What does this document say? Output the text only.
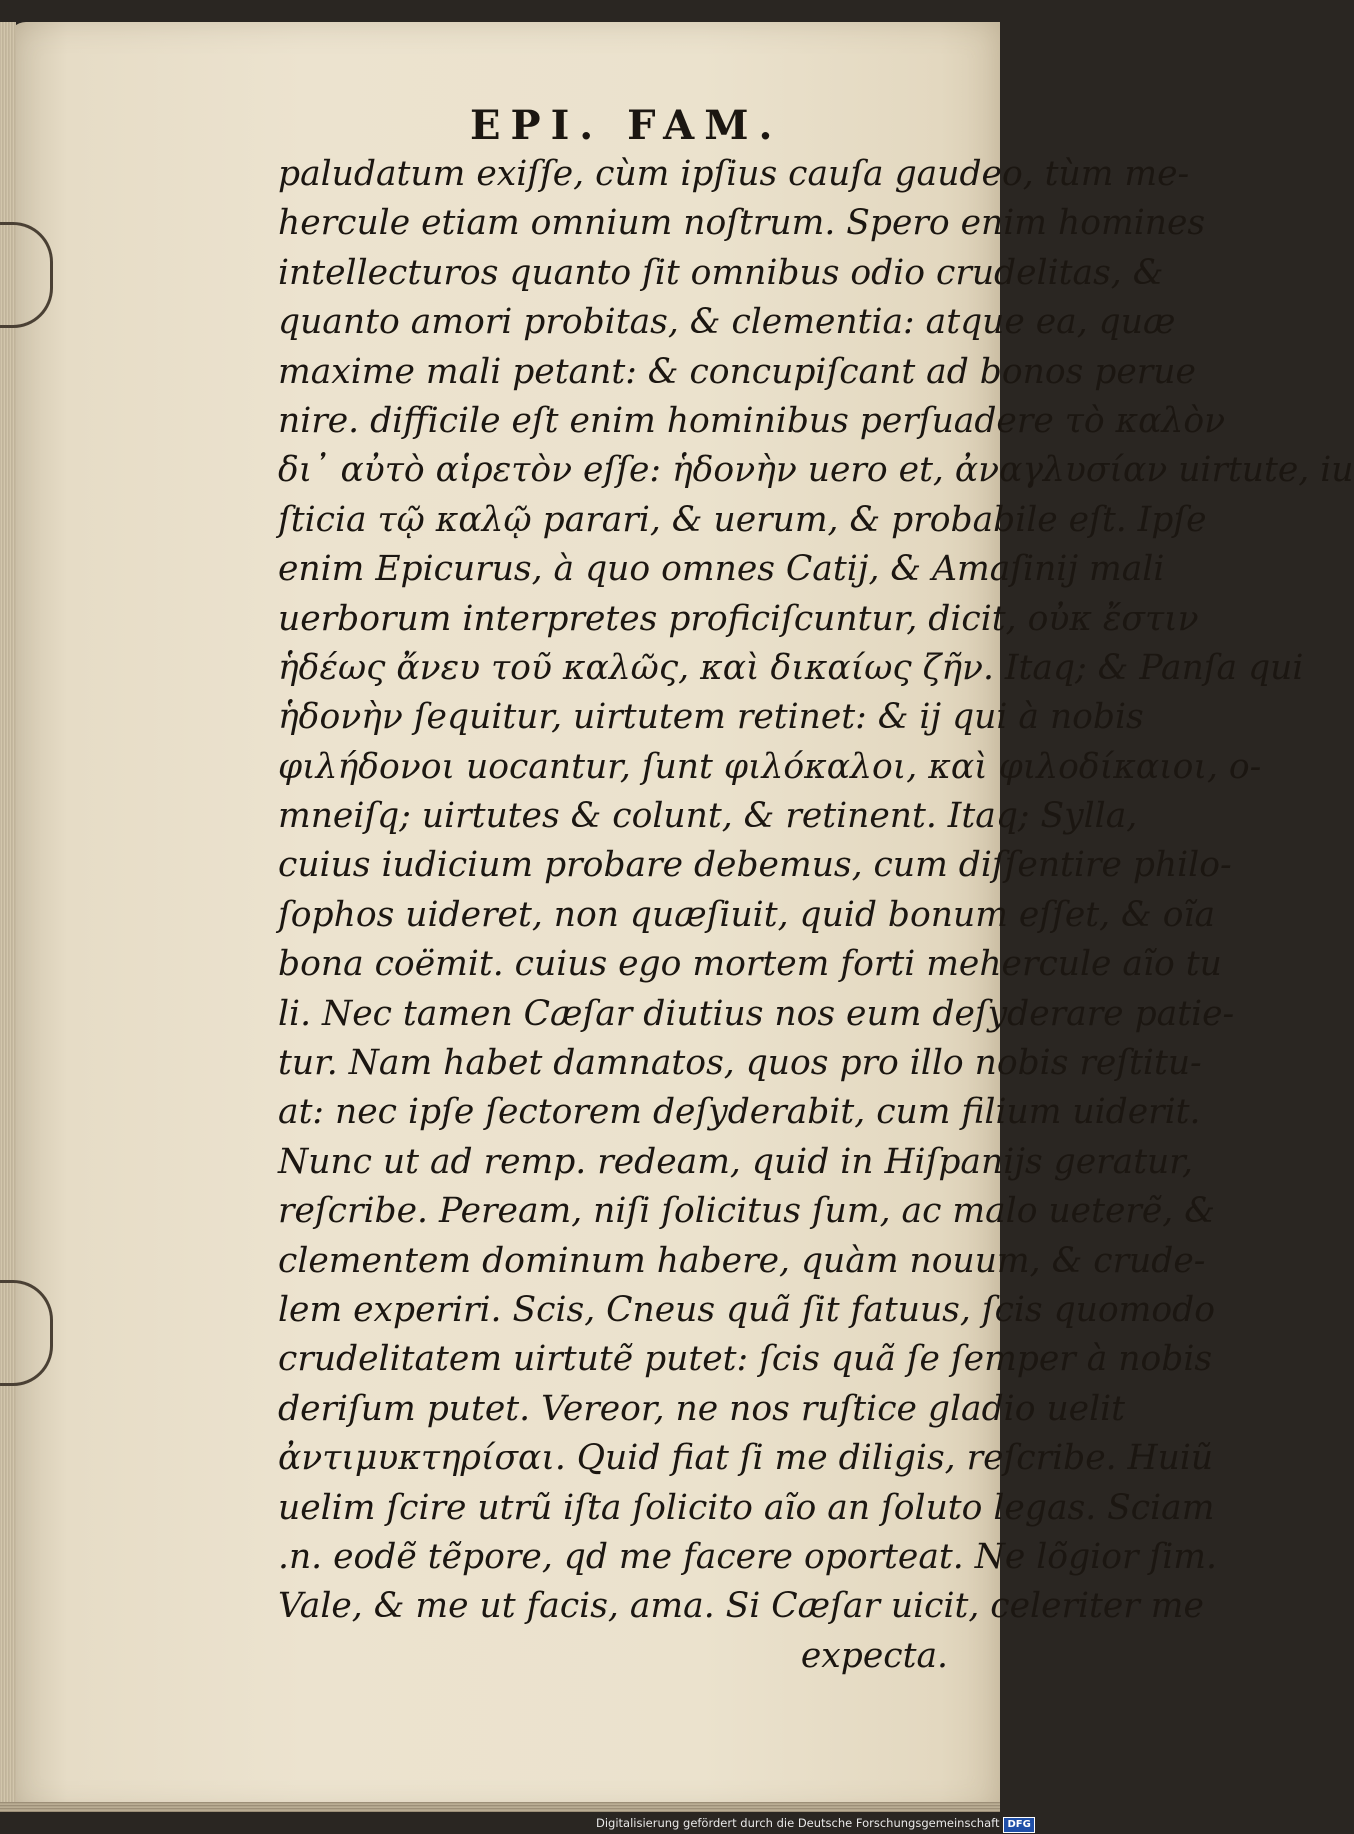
EPI. FAM.
paludatum exiſſe, cùm ipſius cauſa gaudeo, tùm me‑
hercule etiam omnium noſtrum. Spero enim homines
intellecturos quanto ſit omnibus odio crudelitas, &
quanto amori probitas, & clementia: atque ea, quæ
maxime mali petant: & concupiſcant ad bonos perue
nire. difficile eſt enim hominibus perſuadere τὸ καλὸν
δι᾽ αὐτὸ αἱρετὸν eſſe: ἡδονὴν uero et, ἀναγλυσίαν uirtute, iu
ſticia τῷ καλῷ parari, & uerum, & probabile eſt. Ipſe
enim Epicurus, à quo omnes Catij, & Amaſinij mali
uerborum interpretes proficiſcuntur, dicit, οὐκ ἔστιν
ἡδέως ἄνευ τοῦ καλῶς, καὶ δικαίως ζῆν. Itaq; & Panſa qui
ἡδονὴν ſequitur, uirtutem retinet: & ij qui à nobis
φιλήδονοι uocantur, ſunt φιλόκαλοι, καὶ φιλοδίκαιοι, o‑
mneiſq; uirtutes & colunt, & retinent. Itaq; Sylla,
cuius iudicium probare debemus, cum diſſentire philo‑
ſophos uideret, non quæſiuit, quid bonum eſſet, & oĩa
bona coëmit. cuius ego mortem forti mehercule aĩo tu
li. Nec tamen Cæſar diutius nos eum deſyderare patie‑
tur. Nam habet damnatos, quos pro illo nobis reſtitu‑
at: nec ipſe ſectorem deſyderabit, cum filium uiderit.
Nunc ut ad remp. redeam, quid in Hiſpanijs geratur,
reſcribe. Peream, niſi ſolicitus ſum, ac malo ueterẽ, &
clementem dominum habere, quàm nouum, & crude‑
lem experiri. Scis, Cneus quã ſit fatuus, ſcis quomodo
crudelitatem uirtutẽ putet: ſcis quã ſe ſemper à nobis
deriſum putet. Vereor, ne nos ruſtice gladio uelit
ἀντιμυκτηρίσαι. Quid fiat ſi me diligis, reſcribe. Huiũ
uelim ſcire utrũ iſta ſolicito aĩo an ſoluto legas. Sciam
.n. eodẽ tẽpore, qd me facere oporteat. Ne lõgior ſim.
Vale, & me ut facis, ama. Si Cæſar uicit, celeriter me
expecta.
Digitalisierung gefördert durch die Deutsche Forschungsgemeinschaft DFG
